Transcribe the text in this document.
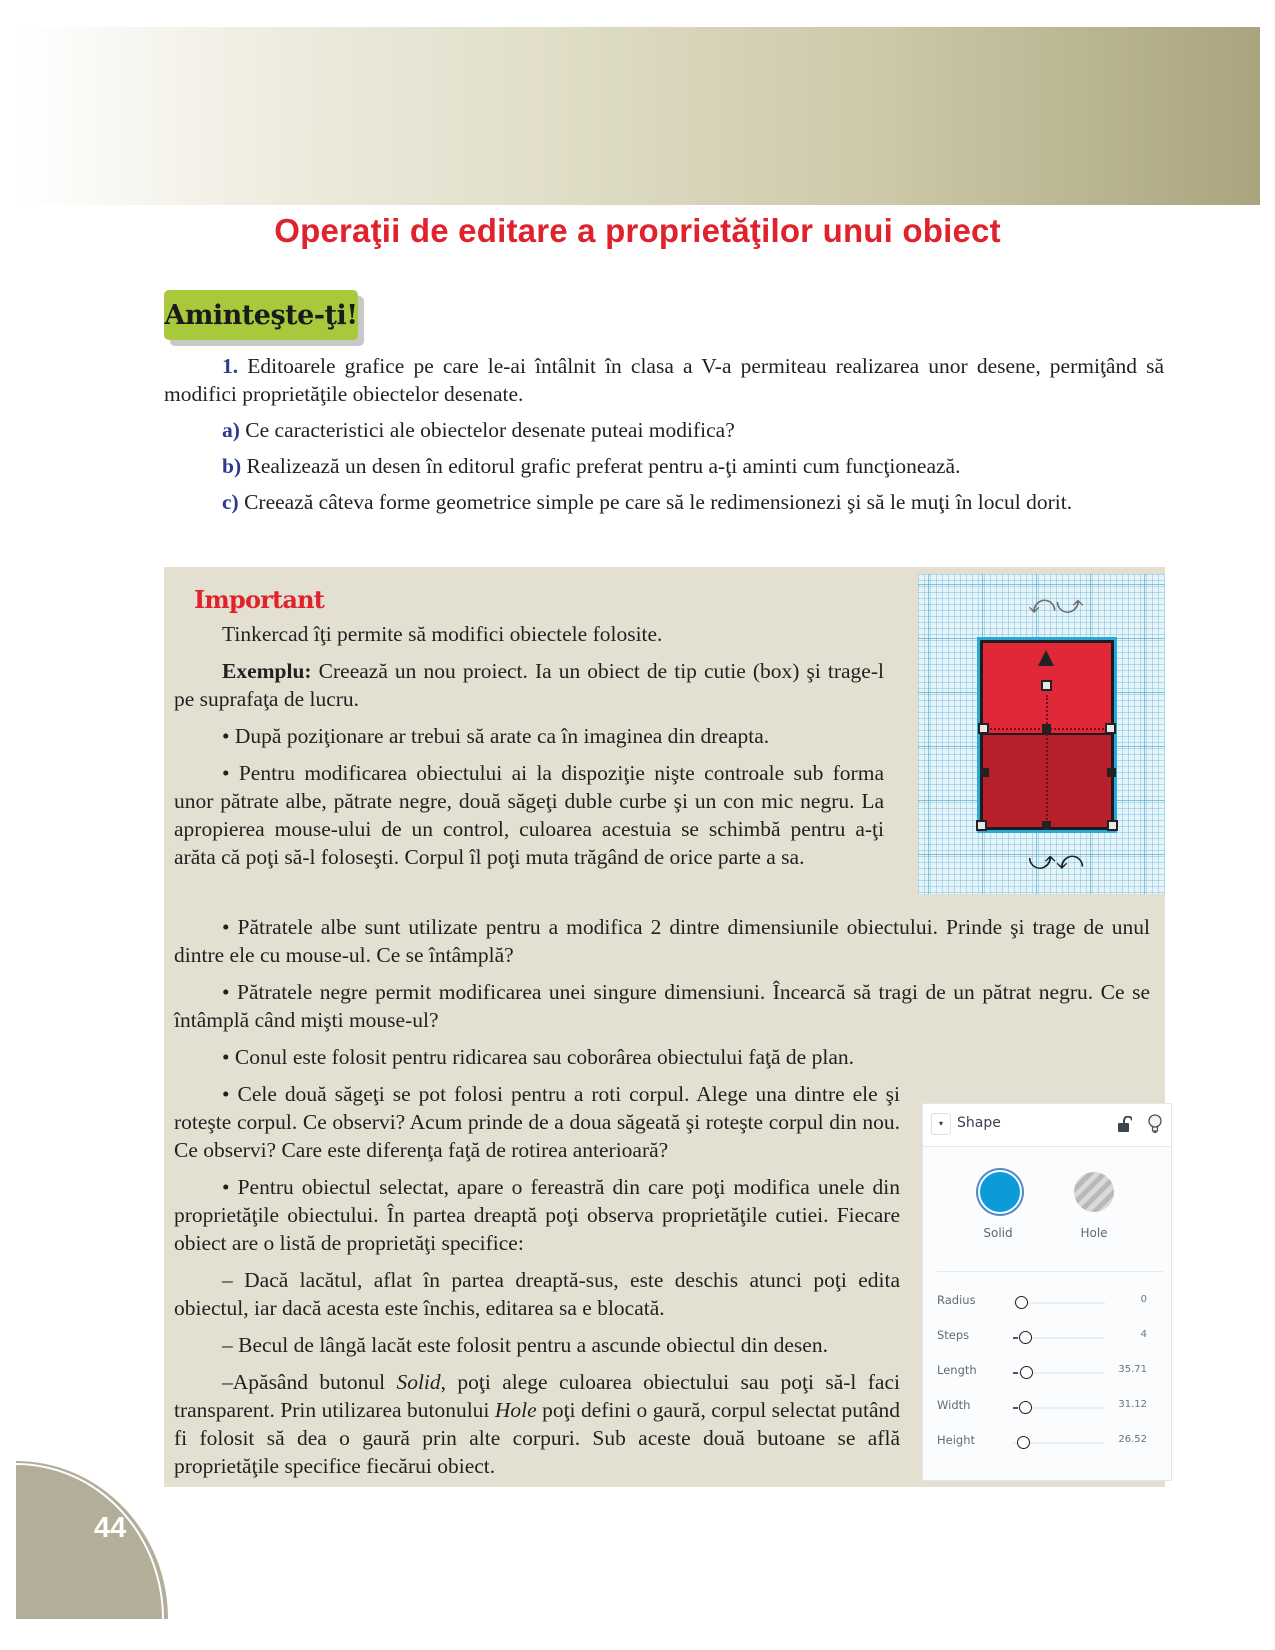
Operaţii de editare a proprietăţilor unui obiect
Aminteşte-ţi!

1. Editoarele grafice pe care le-ai întâlnit în clasa a V-a permiteau realizarea unor desene, permiţând să modifici proprietăţile obiectelor desenate.

a) Ce caracteristici ale obiectelor desenate puteai modifica?

b) Realizează un desen în editorul grafic preferat pentru a-ţi aminti cum funcţionează.

c) Creează câteva forme geometrice simple pe care să le redimensionezi şi să le muţi în locul dorit.

Important

Tinkercad îţi permite să modifici obiectele folosite.

Exemplu: Creează un nou proiect. Ia un obiect de tip cutie (box) şi trage-l pe suprafaţa de lucru.

• După poziţionare ar trebui să arate ca în imaginea din dreapta.

• Pentru modificarea obiectului ai la dispoziţie nişte controale sub forma unor pătrate albe, pătrate negre, două săgeţi duble curbe şi un con mic negru. La apropierea mouse-ului de un control, culoarea acestuia se schimbă pentru a-ţi arăta că poţi să-l foloseşti. Corpul îl poţi muta trăgând de orice parte a sa.

• Pătratele albe sunt utilizate pentru a modifica 2 dintre dimensiunile obiectului. Prinde şi trage de unul dintre ele cu mouse-ul. Ce se întâmplă?

• Pătratele negre permit modificarea unei singure dimensiuni. Încearcă să tragi de un pătrat negru. Ce se întâmplă când mişti mouse-ul?

• Conul este folosit pentru ridicarea sau coborârea obiectului faţă de plan.

• Cele două săgeţi se pot folosi pentru a roti corpul. Alege una dintre ele şi roteşte corpul. Ce observi? Acum prinde de a doua săgeată şi roteşte corpul din nou. Ce observi? Care este diferenţa faţă de rotirea anterioară?

• Pentru obiectul selectat, apare o fereastră din care poţi modifica unele din proprietăţile obiectului. În partea dreaptă poţi observa proprietăţile cutiei. Fiecare obiect are o listă de proprietăţi specifice:

– Dacă lacătul, aflat în partea dreaptă-sus, este deschis atunci poţi edita obiectul, iar dacă acesta este închis, editarea sa e blocată.

– Becul de lângă lacăt este folosit pentru a ascunde obiectul din desen.

–Apăsând butonul Solid, poţi alege culoarea obiectului sau poţi să-l faci transparent. Prin utilizarea butonului Hole poţi defini o gaură, corpul selectat putând fi folosit să dea o gaură prin alte corpuri. Sub aceste două butoane se află proprietăţile specifice fiecărui obiect.

⤺⤻
⤻⤺
▾	Shape
Solid	Hole
Radius	0
Steps	4
Length	35.71
Width	31.12
Height	26.52
44
